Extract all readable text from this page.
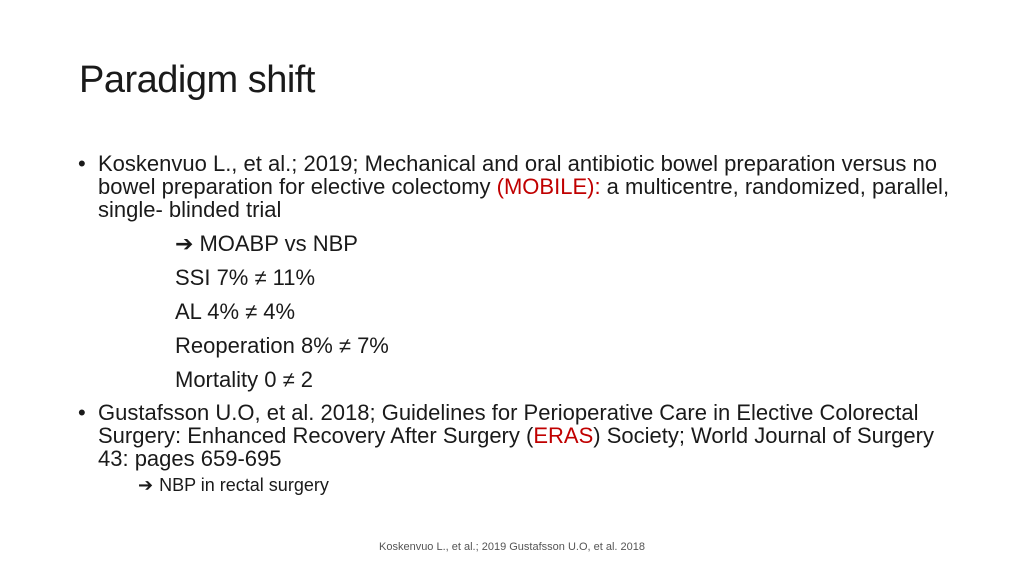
Paradigm shift
• Koskenvuo L., et al.; 2019; Mechanical and oral antibiotic bowel preparation versus no bowel preparation for elective colectomy (MOBILE): a multicentre, randomized, parallel, single- blinded trial
➔ MOABP vs NBP
SSI 7% ≠ 11%
AL 4% ≠ 4%
Reoperation 8% ≠ 7%
Mortality 0 ≠ 2
• Gustafsson U.O, et al. 2018; Guidelines for Perioperative Care in Elective Colorectal Surgery: Enhanced Recovery After Surgery (ERAS) Society; World Journal of Surgery 43: pages 659-695
➔ NBP in rectal surgery
Koskenvuo L., et al.; 2019 Gustafsson U.O, et al. 2018
